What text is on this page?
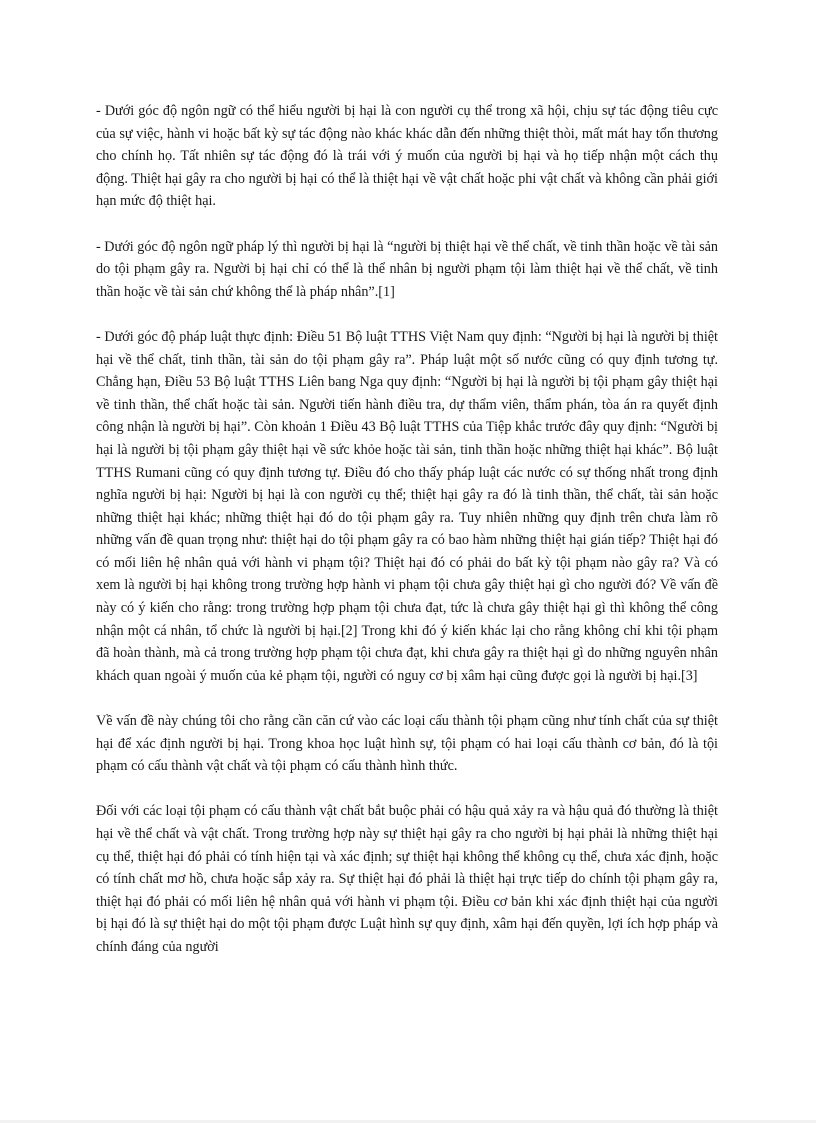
- Dưới góc độ ngôn ngữ có thể hiểu người bị hại là con người cụ thể trong xã hội, chịu sự tác động tiêu cực của sự việc, hành vi hoặc bất kỳ sự tác động nào khác khác dẫn đến những thiệt thòi, mất mát hay tổn thương cho chính họ. Tất nhiên sự tác động đó là trái với ý muốn của người bị hại và họ tiếp nhận một cách thụ động. Thiệt hại gây ra cho người bị hại có thể là thiệt hại về vật chất hoặc phi vật chất và không cần phải giới hạn mức độ thiệt hại.

- Dưới góc độ ngôn ngữ pháp lý thì người bị hại là “người bị thiệt hại về thể chất, về tinh thần hoặc về tài sản do tội phạm gây ra. Người bị hại chỉ có thể là thể nhân bị người phạm tội làm thiệt hại về thể chất, về tinh thần hoặc về tài sản chứ không thể là pháp nhân”.[1]

- Dưới góc độ pháp luật thực định: Điều 51 Bộ luật TTHS Việt Nam quy định: “Người bị hại là người bị thiệt hại về thể chất, tinh thần, tài sản do tội phạm gây ra”. Pháp luật một số nước cũng có quy định tương tự. Chẳng hạn, Điều 53 Bộ luật TTHS Liên bang Nga quy định: “Người bị hại là người bị tội phạm gây thiệt hại về tinh thần, thể chất hoặc tài sản. Người tiến hành điều tra, dự thẩm viên, thẩm phán, tòa án ra quyết định công nhận là người bị hại”. Còn khoản 1 Điều 43 Bộ luật TTHS của Tiệp khắc trước đây quy định: “Người bị hại là người bị tội phạm gây thiệt hại về sức khỏe hoặc tài sản, tinh thần hoặc những thiệt hại khác”. Bộ luật TTHS Rumani cũng có quy định tương tự. Điều đó cho thấy pháp luật các nước có sự thống nhất trong định nghĩa người bị hại: Người bị hại là con người cụ thể; thiệt hại gây ra đó là tinh thần, thể chất, tài sản hoặc những thiệt hại khác; những thiệt hại đó do tội phạm gây ra. Tuy nhiên những quy định trên chưa làm rõ những vấn đề quan trọng như: thiệt hại do tội phạm gây ra có bao hàm những thiệt hại gián tiếp? Thiệt hại đó có mối liên hệ nhân quả với hành vi phạm tội? Thiệt hại đó có phải do bất kỳ tội phạm nào gây ra? Và có xem là người bị hại không trong trường hợp hành vi phạm tội chưa gây thiệt hại gì cho người đó? Về vấn đề này có ý kiến cho rằng: trong trường hợp phạm tội chưa đạt, tức là chưa gây thiệt hại gì thì không thể công nhận một cá nhân, tổ chức là người bị hại.[2] Trong khi đó ý kiến khác lại cho rằng không chỉ khi tội phạm đã hoàn thành, mà cả trong trường hợp phạm tội chưa đạt, khi chưa gây ra thiệt hại gì do những nguyên nhân khách quan ngoài ý muốn của kẻ phạm tội, người có nguy cơ bị xâm hại cũng được gọi là người bị hại.[3]

Về vấn đề này chúng tôi cho rằng cần căn cứ vào các loại cấu thành tội phạm cũng như tính chất của sự thiệt hại để xác định người bị hại. Trong khoa học luật hình sự, tội phạm có hai loại cấu thành cơ bản, đó là tội phạm có cấu thành vật chất và tội phạm có cấu thành hình thức.

Đối với các loại tội phạm có cấu thành vật chất bắt buộc phải có hậu quả xảy ra và hậu quả đó thường là thiệt hại về thể chất và vật chất. Trong trường hợp này sự thiệt hại gây ra cho người bị hại phải là những thiệt hại cụ thể, thiệt hại đó phải có tính hiện tại và xác định; sự thiệt hại không thể không cụ thể, chưa xác định, hoặc có tính chất mơ hồ, chưa hoặc sắp xảy ra. Sự thiệt hại đó phải là thiệt hại trực tiếp do chính tội phạm gây ra, thiệt hại đó phải có mối liên hệ nhân quả với hành vi phạm tội. Điều cơ bản khi xác định thiệt hại của người bị hại đó là sự thiệt hại do một tội phạm được Luật hình sự quy định, xâm hại đến quyền, lợi ích hợp pháp và chính đáng của người
